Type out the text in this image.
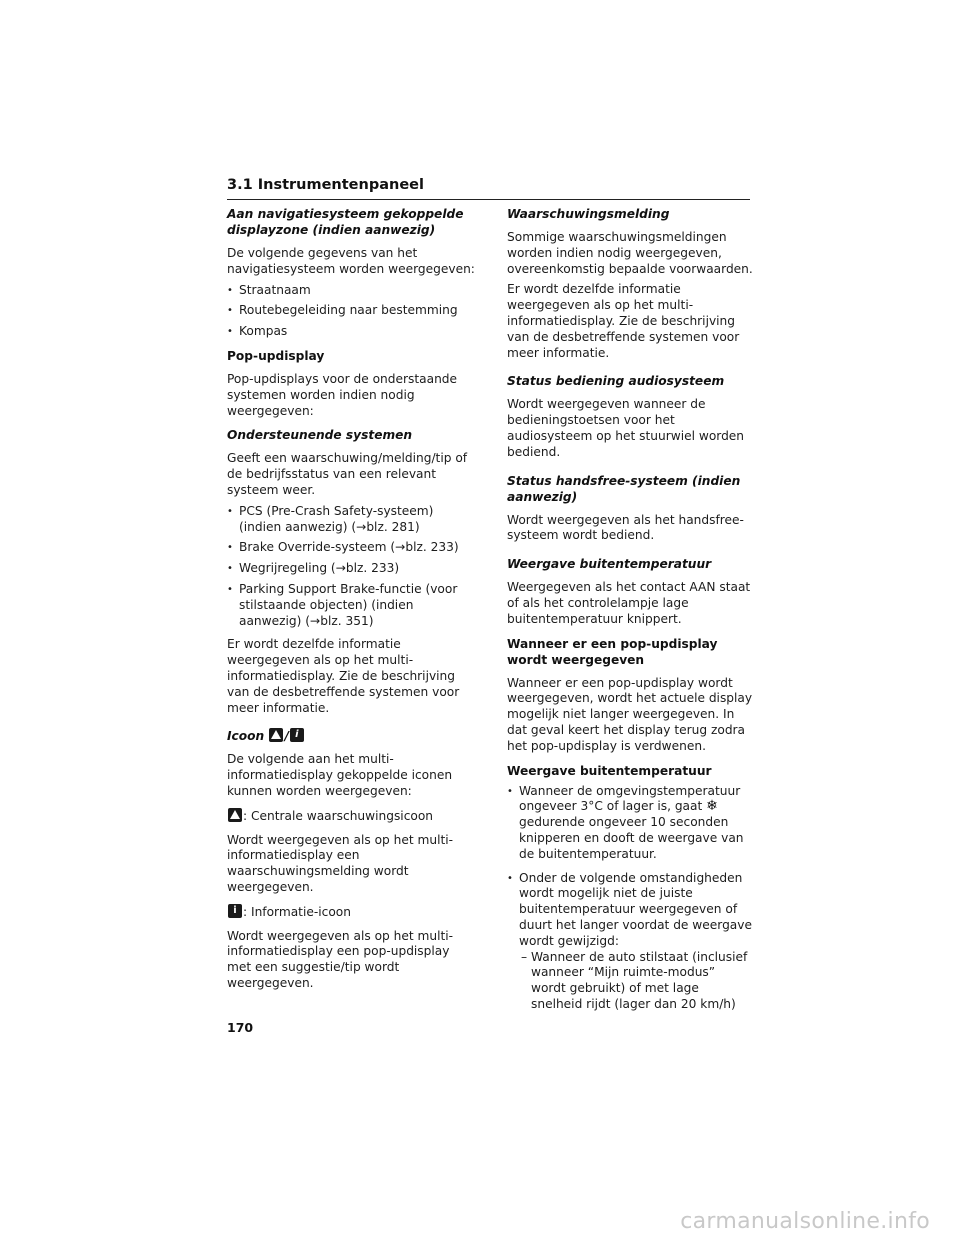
3.1 Instrumentenpaneel

Aan navigatiesysteem gekoppelde displayzone (indien aanwezig)

De volgende gegevens van het navigatiesysteem worden weergegeven:

• Straatnaam
• Routebegeleiding naar bestemming
• Kompas

Pop-updisplay

Pop-updisplays voor de onderstaande systemen worden indien nodig weergegeven:

Ondersteunende systemen

Geeft een waarschuwing/melding/tip of de bedrijfsstatus van een relevant systeem weer.

• PCS (Pre-Crash Safety-systeem) (indien aanwezig) (→blz. 281)
• Brake Override-systeem (→blz. 233)
• Wegrijregeling (→blz. 233)
• Parking Support Brake-functie (voor stilstaande objecten) (indien aanwezig) (→blz. 351)

Er wordt dezelfde informatie weergegeven als op het multi-informatiedisplay. Zie de beschrijving van de desbetreffende systemen voor meer informatie.

Icoon /i

De volgende aan het multi-informatiedisplay gekoppelde iconen kunnen worden weergegeven:

: Centrale waarschuwingsicoon

Wordt weergegeven als op het multi-informatiedisplay een waarschuwingsmelding wordt weergegeven.

i: Informatie-icoon

Wordt weergegeven als op het multi-informatiedisplay een pop-updisplay met een suggestie/tip wordt weergegeven.

Waarschuwingsmelding

Sommige waarschuwingsmeldingen worden indien nodig weergegeven, overeenkomstig bepaalde voorwaarden.

Er wordt dezelfde informatie weergegeven als op het multi-informatiedisplay. Zie de beschrijving van de desbetreffende systemen voor meer informatie.

Status bediening audiosysteem

Wordt weergegeven wanneer de bedieningstoetsen voor het audiosysteem op het stuurwiel worden bediend.

Status handsfree-systeem (indien aanwezig)

Wordt weergegeven als het handsfree-systeem wordt bediend.

Weergave buitentemperatuur

Weergegeven als het contact AAN staat of als het controlelampje lage buitentemperatuur knippert.

Wanneer er een pop-updisplay wordt weergegeven

Wanneer er een pop-updisplay wordt weergegeven, wordt het actuele display mogelijk niet langer weergegeven. In dat geval keert het display terug zodra het pop-updisplay is verdwenen.

Weergave buitentemperatuur

• Wanneer de omgevingstemperatuur ongeveer 3°C of lager is, gaat ❄ gedurende ongeveer 10 seconden knipperen en dooft de weergave van de buitentemperatuur.
• Onder de volgende omstandigheden wordt mogelijk niet de juiste buitentemperatuur weergegeven of duurt het langer voordat de weergave wordt gewijzigd:
– Wanneer de auto stilstaat (inclusief wanneer “Mijn ruimte-modus” wordt gebruikt) of met lage snelheid rijdt (lager dan 20 km/h)
170
carmanualsonline.info
